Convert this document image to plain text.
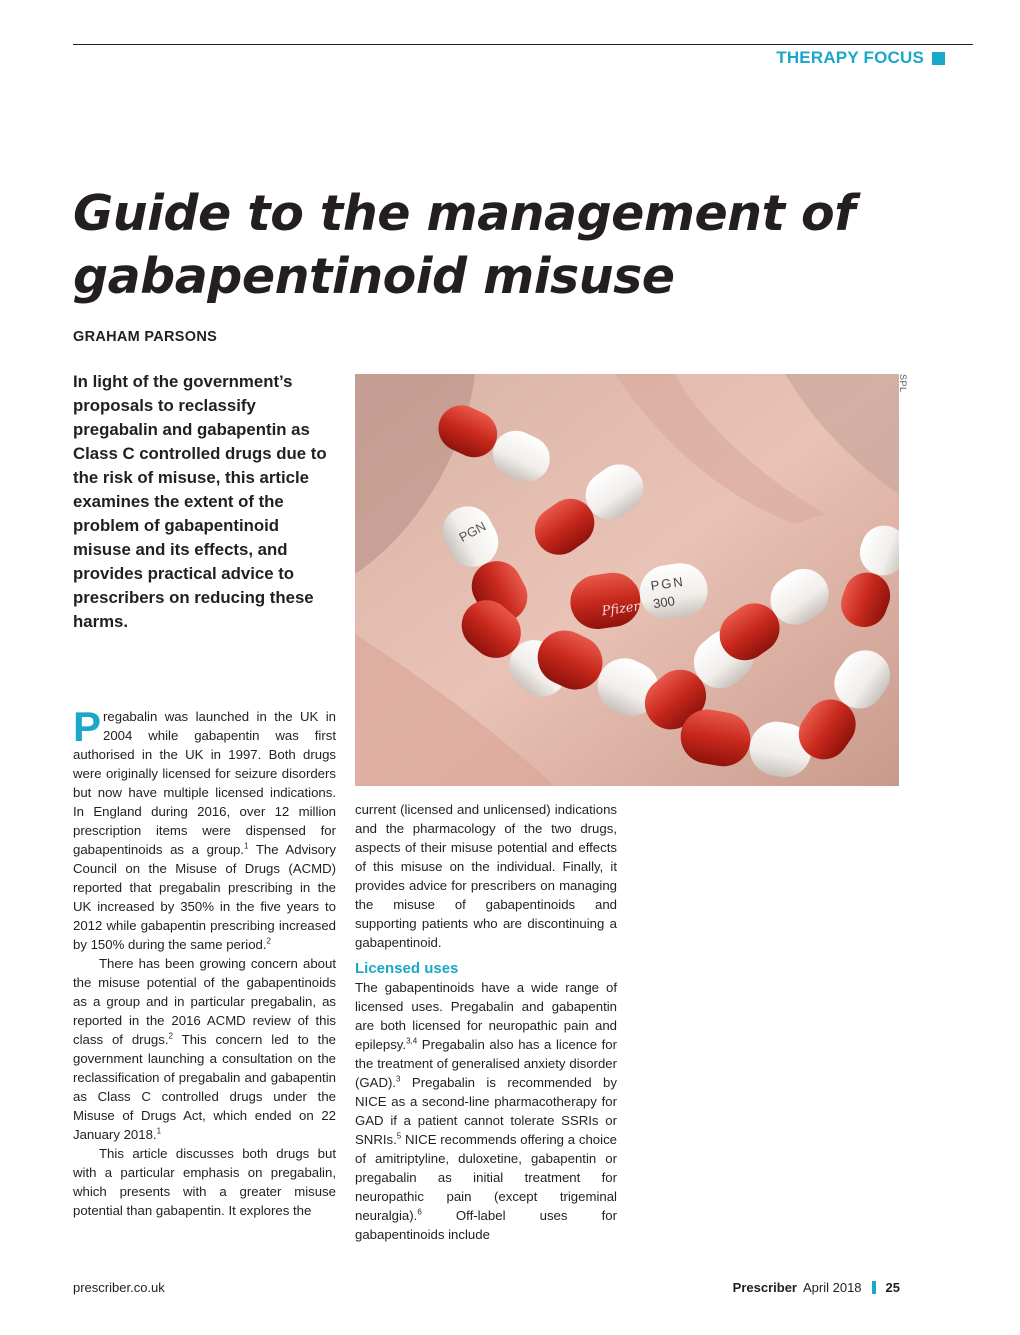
THERAPY FOCUS
Guide to the management of
gabapentinoid misuse
GRAHAM PARSONS

In light of the government’s proposals to reclassify pregabalin and gabapentin as Class C controlled drugs due to the risk of misuse, this article examines the extent of the problem of gabapentinoid misuse and its effects, and provides practical advice to prescribers on reducing these harms.

PGN
Pfizer
PGN
300
SPL

Pregabalin was launched in the UK in 2004 while gabapentin was first authorised in the UK in 1997. Both drugs were originally licensed for seizure disorders but now have multiple licensed indications. In England during 2016, over 12 million prescription items were dispensed for gabapentinoids as a group.$^1$ The Advisory Council on the Misuse of Drugs (ACMD) reported that pregabalin prescribing in the UK increased by 350% in the five years to 2012 while gabapentin prescribing increased by 150% during the same period.$^2$

There has been growing concern about the misuse potential of the gabapentinoids as a group and in particular pregabalin, as reported in the 2016 ACMD review of this class of drugs.$^2$ This concern led to the government launching a consultation on the reclassification of pregabalin and gabapentin as Class C controlled drugs under the Misuse of Drugs Act, which ended on 22 January 2018.$^1$

This article discusses both drugs but with a particular emphasis on pregabalin, which presents with a greater misuse potential than gabapentin. It explores the

current (licensed and unlicensed) indications and the pharmacology of the two drugs, aspects of their misuse potential and effects of this misuse on the individual. Finally, it provides advice for prescribers on managing the misuse of gabapentinoids and supporting patients who are discontinuing a gabapentinoid.

Licensed uses

The gabapentinoids have a wide range of licensed uses. Pregabalin and gabapentin are both licensed for neuropathic pain and epilepsy.$^{3,4}$ Pregabalin also has a licence for the treatment of generalised anxiety disorder (GAD).$^3$ Pregabalin is recommended by NICE as a second-line pharmacotherapy for GAD if a patient cannot tolerate SSRIs or SNRIs.$^5$ NICE recommends offering a choice of amitriptyline, duloxetine, gabapentin or pregabalin as initial treatment for neuropathic pain (except trigeminal neuralgia).$^6$ Off-label uses for gabapentinoids include

prescriber.co.uk	Prescriber April 2018 25
